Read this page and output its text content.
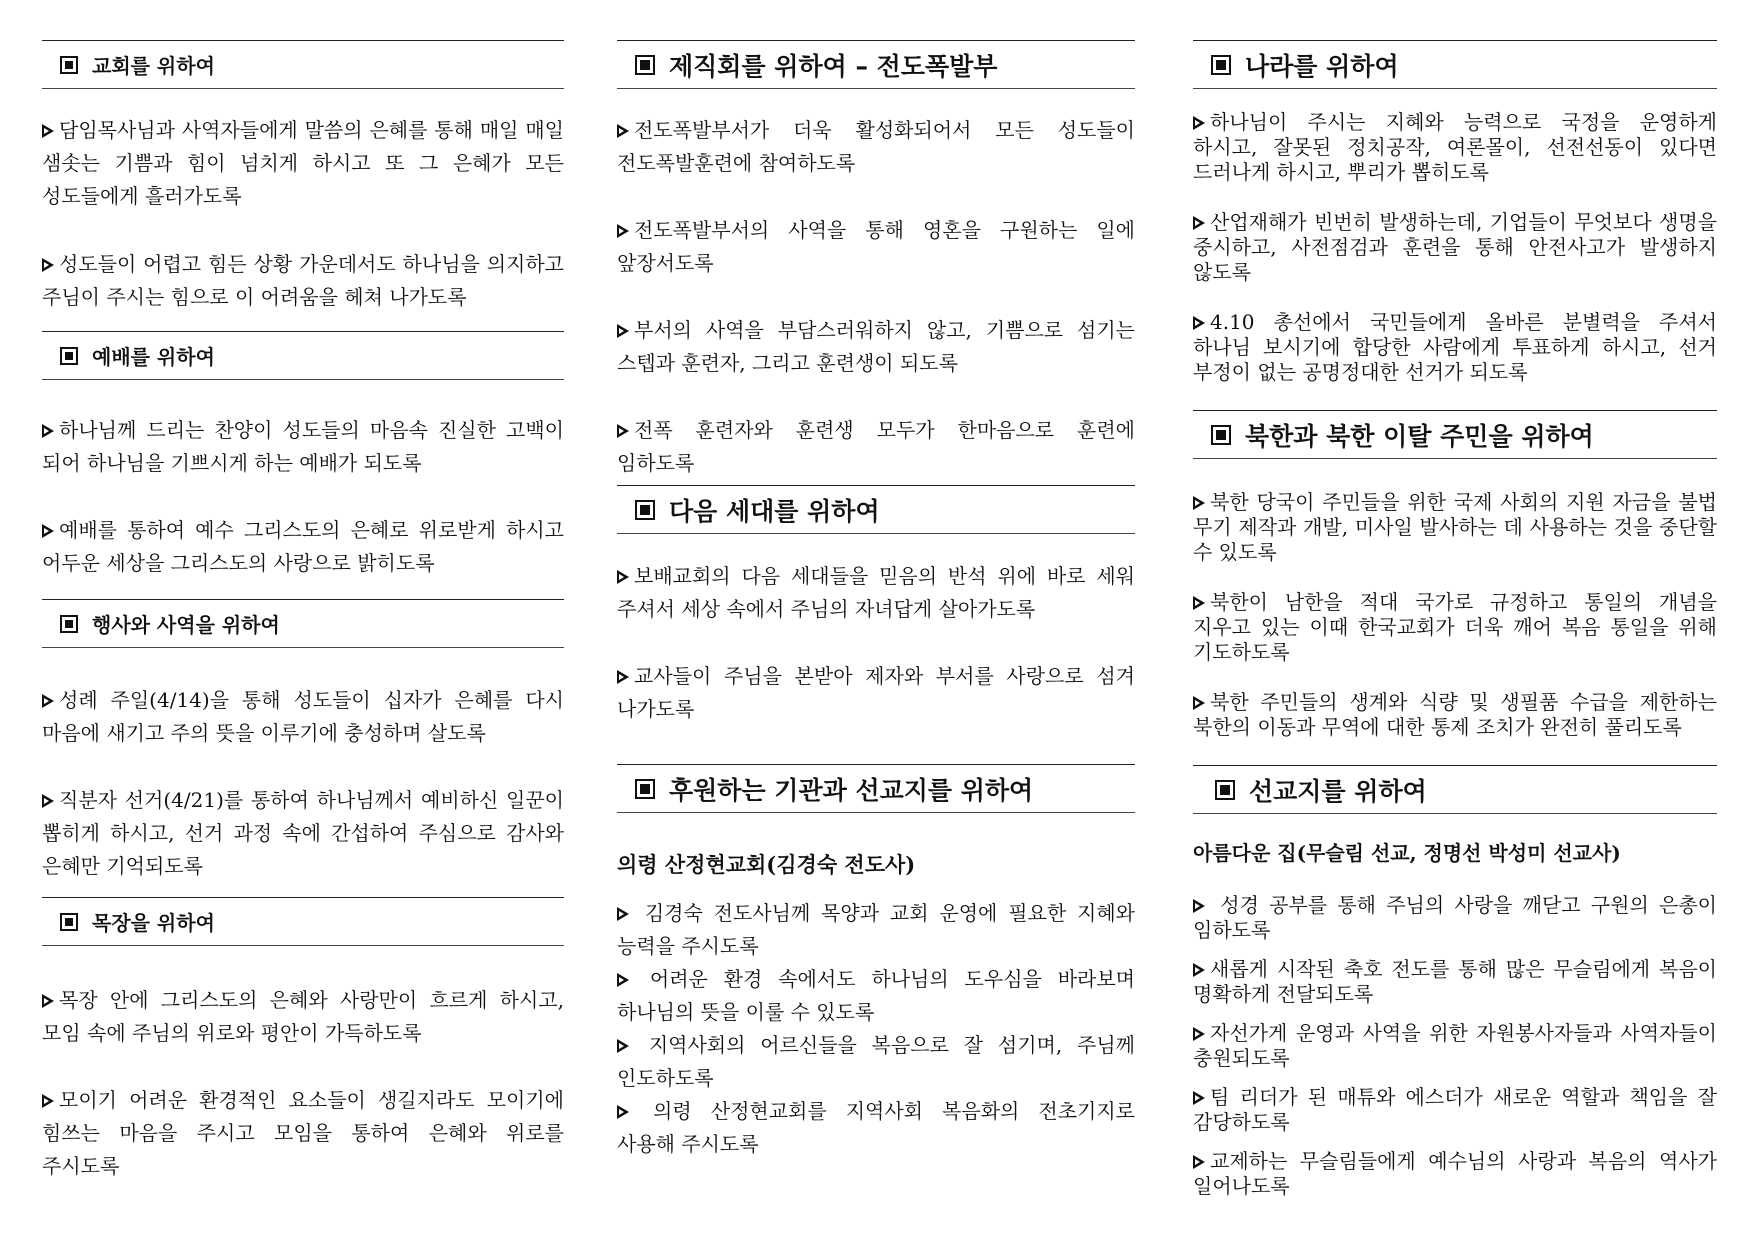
교회를 위하여
담임목사님과 사역자들에게 말씀의 은혜를 통해 매일 매일 샘솟는 기쁨과 힘이 넘치게 하시고 또 그 은혜가 모든 성도들에게 흘러가도록
성도들이 어렵고 힘든 상황 가운데서도 하나님을 의지하고 주님이 주시는 힘으로 이 어려움을 헤쳐 나가도록
예배를 위하여
하나님께 드리는 찬양이 성도들의 마음속 진실한 고백이 되어 하나님을 기쁘시게 하는 예배가 되도록
예배를 통하여 예수 그리스도의 은혜로 위로받게 하시고 어두운 세상을 그리스도의 사랑으로 밝히도록
행사와 사역을 위하여
성례 주일(4/14)을 통해 성도들이 십자가 은혜를 다시 마음에 새기고 주의 뜻을 이루기에 충성하며 살도록
직분자 선거(4/21)를 통하여 하나님께서 예비하신 일꾼이 뽑히게 하시고, 선거 과정 속에 간섭하여 주심으로 감사와 은혜만 기억되도록
목장을 위하여
목장 안에 그리스도의 은혜와 사랑만이 흐르게 하시고, 모임 속에 주님의 위로와 평안이 가득하도록
모이기 어려운 환경적인 요소들이 생길지라도 모이기에 힘쓰는 마음을 주시고 모임을 통하여 은혜와 위로를 주시도록
제직회를 위하여 – 전도폭발부
전도폭발부서가 더욱 활성화되어서 모든 성도들이 전도폭발훈련에 참여하도록
전도폭발부서의 사역을 통해 영혼을 구원하는 일에 앞장서도록
부서의 사역을 부담스러워하지 않고, 기쁨으로 섬기는 스텝과 훈련자, 그리고 훈련생이 되도록
전폭 훈련자와 훈련생 모두가 한마음으로 훈련에 임하도록
다음 세대를 위하여
보배교회의 다음 세대들을 믿음의 반석 위에 바로 세워 주셔서 세상 속에서 주님의 자녀답게 살아가도록
교사들이 주님을 본받아 제자와 부서를 사랑으로 섬겨 나가도록
후원하는 기관과 선교지를 위하여
의령 산정현교회(김경숙 전도사)
김경숙 전도사님께 목양과 교회 운영에 필요한 지혜와 능력을 주시도록
어려운 환경 속에서도 하나님의 도우심을 바라보며 하나님의 뜻을 이룰 수 있도록
지역사회의 어르신들을 복음으로 잘 섬기며, 주님께 인도하도록
의령 산정현교회를 지역사회 복음화의 전초기지로 사용해 주시도록
나라를 위하여
하나님이 주시는 지혜와 능력으로 국정을 운영하게 하시고, 잘못된 정치공작, 여론몰이, 선전선동이 있다면 드러나게 하시고, 뿌리가 뽑히도록
산업재해가 빈번히 발생하는데, 기업들이 무엇보다 생명을 중시하고, 사전점검과 훈련을 통해 안전사고가 발생하지 않도록
4.10 총선에서 국민들에게 올바른 분별력을 주셔서 하나님 보시기에 합당한 사람에게 투표하게 하시고, 선거 부정이 없는 공명정대한 선거가 되도록
북한과 북한 이탈 주민을 위하여
북한 당국이 주민들을 위한 국제 사회의 지원 자금을 불법 무기 제작과 개발, 미사일 발사하는 데 사용하는 것을 중단할 수 있도록
북한이 남한을 적대 국가로 규정하고 통일의 개념을 지우고 있는 이때 한국교회가 더욱 깨어 복음 통일을 위해 기도하도록
북한 주민들의 생계와 식량 및 생필품 수급을 제한하는 북한의 이동과 무역에 대한 통제 조치가 완전히 풀리도록
선교지를 위하여
아름다운 집(무슬림 선교, 정명선 박성미 선교사)
성경 공부를 통해 주님의 사랑을 깨닫고 구원의 은총이 임하도록
새롭게 시작된 축호 전도를 통해 많은 무슬림에게 복음이 명확하게 전달되도록
자선가게 운영과 사역을 위한 자원봉사자들과 사역자들이 충원되도록
팀 리더가 된 매튜와 에스더가 새로운 역할과 책임을 잘 감당하도록
교제하는 무슬림들에게 예수님의 사랑과 복음의 역사가 일어나도록
